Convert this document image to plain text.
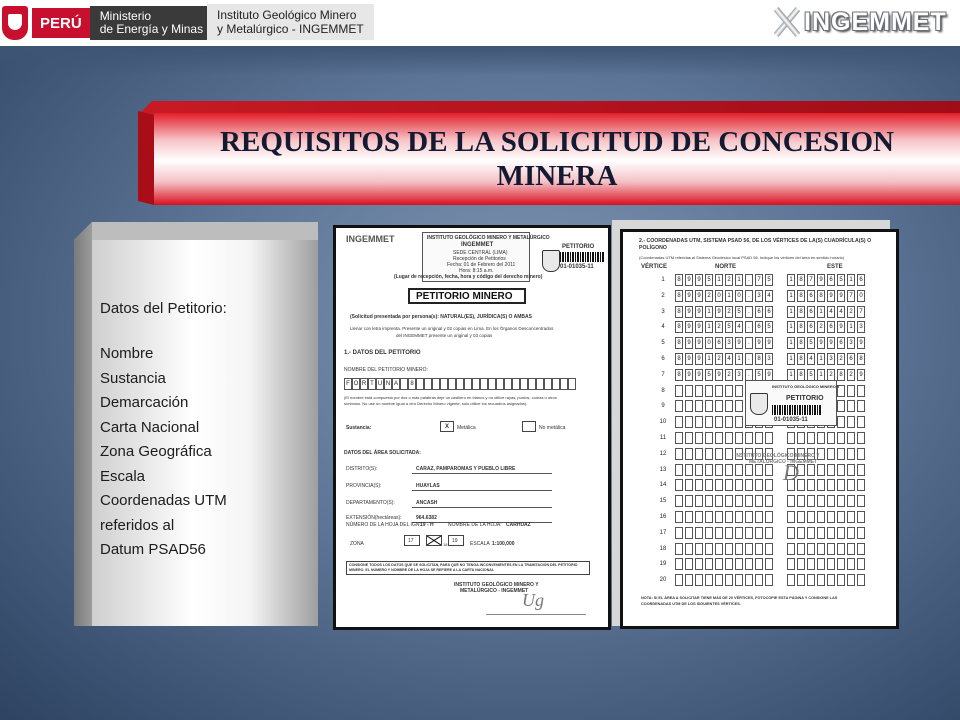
PERÚ	Ministerio
de Energía y Minas
Instituto Geológico Minero
y Metalúrgico - INGEMMET	INGEMMET
REQUISITOS DE LA SOLICITUD DE CONCESION MINERA
Datos del Petitorio:
Nombre
Sustancia
Demarcación
Carta Nacional
Zona Geográfica
Escala
Coordenadas UTM
referidos al
Datum PSAD56
INGEMMET	INSTITUTO GEOLÓGICO MINERO Y METALÚRGICO
INGEMMET
SEDE CENTRAL (LIMA)
Recepción de Petitorios
Fecha: 01 de Febrero del 2011
Hora: 8:15 a.m.
PETITORIO
01-01035-11
(Lugar de recepción, fecha, hora y código del derecho minero)
PETITORIO MINERO
(Solicitud presentada por persona(s): NATURAL(ES), JURÍDICA(S) O AMBAS
Llenar con letra imprenta. Presente un original y 02 copias en Lima. En los Órganos Desconcentrados
del INGEMMET presente un original y 03 copias
1.- DATOS DEL PETITORIO
NOMBRE DEL PETITORIO MINERO:
F O R T U N A	8
(El nombre está compuesto por dos o más palabras deje un casillero en blanco y no utilice rayas, puntos, comas u otros
símbolos. No use un nombre igual a otro Derecho Minero vigente, sólo utilice los recuadros asignados).
Sustancia:	X Metálica	No metálica
DATOS DEL ÁREA SOLICITADA:
DISTRITO(S):	CARAZ, PAMPAROMAS Y PUEBLO LIBRE
PROVINCIA(S):	HUAYLAS
DEPARTAMENTO(S):	ANCASH
EXTENSIÓN(hectáreas):	964.6382
NÚMERO DE LA HOJA DEL IGN: 19 - H	NOMBRE DE LA HOJA: CARHUAZ
ZONA	17
18
19 ESCALA 1:100,000
CONSIGNE TODOS LOS DATOS QUE SE SOLICITAN, PARA QUE NO TENGA INCONVENIENTES EN LA TRAMITACIÓN DEL PETITORIO
MINERO. EL NÚMERO Y NOMBRE DE LA HOJA SE REFIERE A LA CARTA NACIONAL
INSTITUTO GEOLÓGICO MINERO Y
METALÚRGICO - INGEMMET
Ug
2.- COORDENADAS UTM, SISTEMA PSAD 56, DE LOS VÉRTICES DE LA(S) CUADRÍCULA(S) O POLÍGONO
(Coordenadas UTM referidas al Sistema Geodésico local PSAD 56. Indique los vértices del área en sentido horario)
VÉRTICE	NORTE	ESTE
1	8	9	9	5	1	2	1	.	7	5	1	8	7	9	6	5	1	6
2	8	9	9	2	0	1	0	.	3	4	1	8	6	8	9	9	7	0
3	8	9	9	1	9	2	5	.	6	6	1	8	6	1	4	4	2	7
4	8	9	9	1	2	5	4	.	6	5	1	8	6	2	6	9	1	3
5	8	9	9	0	6	3	9	.	9	9	1	8	5	9	9	6	3	9
6	8	9	9	1	2	4	1	.	8	3	1	8	4	1	3	2	6	8
7	8	9	9	5	9	2	3	.	5	9	1	8	5	1	2	8	2	9
8
9
10
11
12
13
14
15
16
17
18
19
20
INSTITUTO GEOLÓGICO MINERO Y
PETITORIO
01-01035-11
INSTITUTO GEOLÓGICO MINERO Y
METALÚRGICO - INGEMMET
D
NOTA: SI EL ÁREA A SOLICITAR TIENE MÁS DE 20 VÉRTICES, FOTOCOPIE ESTA PÁGINA Y CONSIGNE LAS
COORDENADAS UTM DE LOS SIGUIENTES VÉRTICES.
